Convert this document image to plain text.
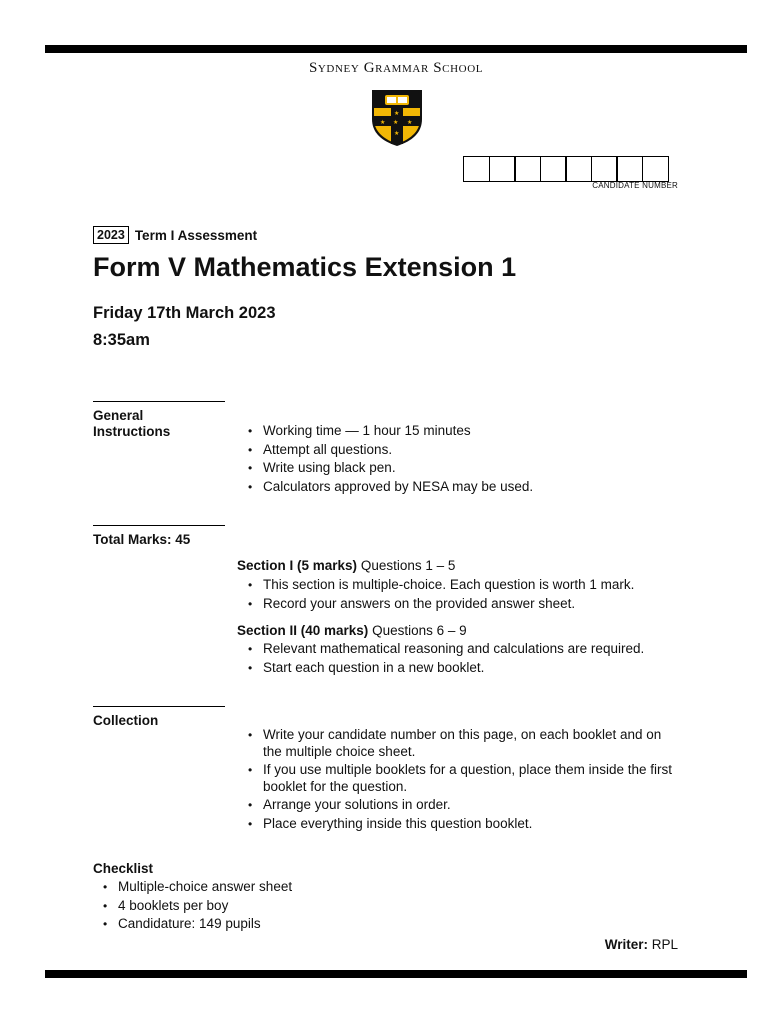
Sydney Grammar School
★ ★ ★
★
★
CANDIDATE NUMBER
2023 Term I Assessment
Form V Mathematics Extension 1
Friday 17th March 2023
8:35am
General
Instructions
•	Working time — 1 hour 15 minutes
• Attempt all questions.
• Write using black pen.
• Calculators approved by NESA may be used.
Total Marks: 45
Section I (5 marks) Questions 1 – 5
• This section is multiple-choice. Each question is worth 1 mark.
• Record your answers on the provided answer sheet.
Section II (40 marks) Questions 6 – 9
• Relevant mathematical reasoning and calculations are required.
• Start each question in a new booklet.
Collection
• Write your candidate number on this page, on each booklet and on the multiple choice sheet.
• If you use multiple booklets for a question, place them inside the first booklet for the question.
• Arrange your solutions in order.
• Place everything inside this question booklet.
Checklist
• Multiple-choice answer sheet
• 4 booklets per boy
• Candidature: 149 pupils
Writer: RPL
